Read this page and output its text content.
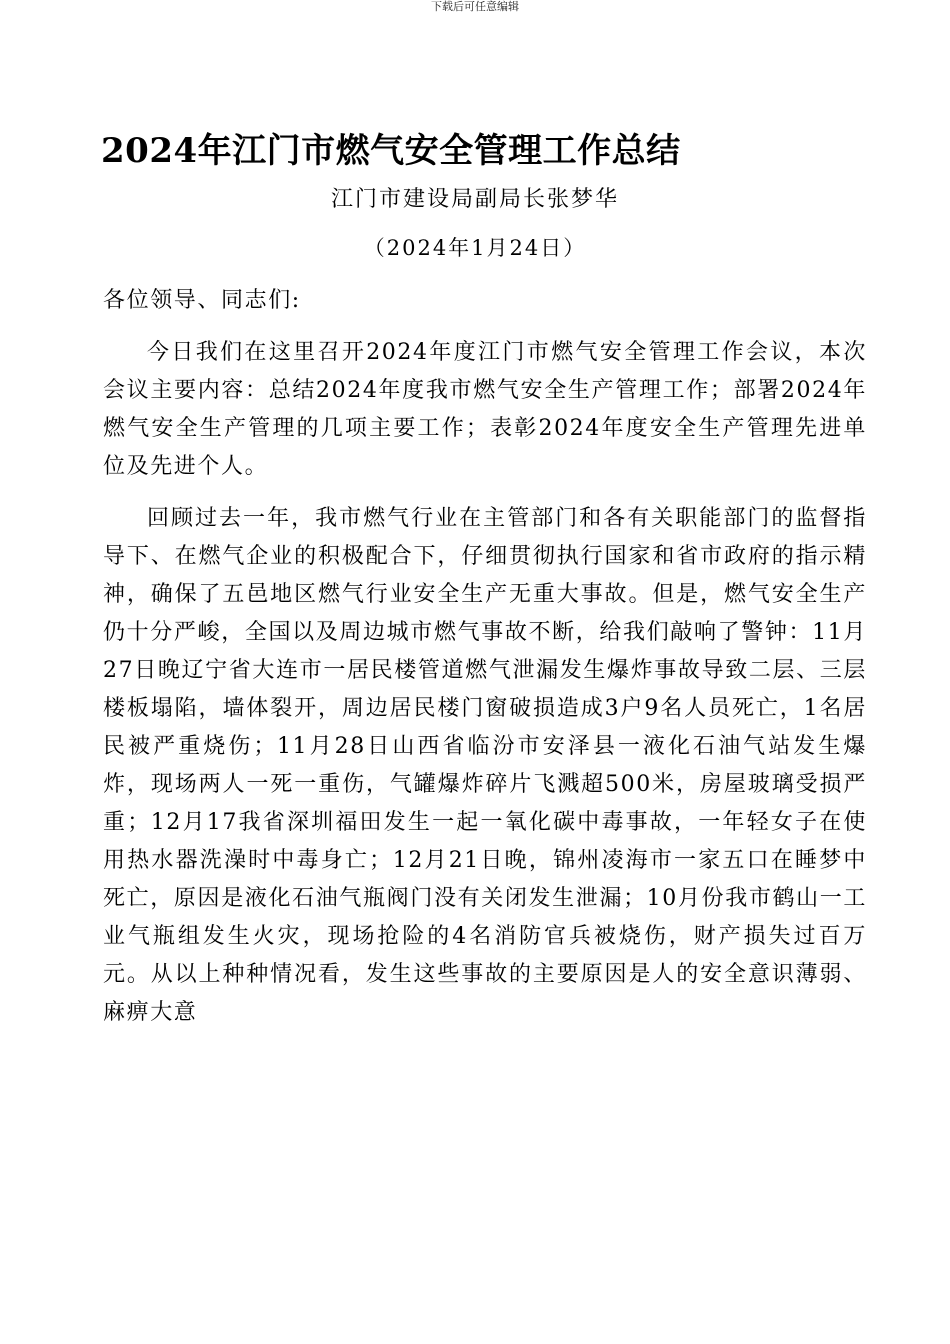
下载后可任意编辑
2024年江门市燃气安全管理工作总结
江门市建设局副局长张梦华
（2024年1月24日）

各位领导、同志们:

今日我们在这里召开2024年度江门市燃气安全管理工作会议，本次会议主要内容：总结2024年度我市燃气安全生产管理工作；部署2024年燃气安全生产管理的几项主要工作；表彰2024年度安全生产管理先进单位及先进个人。

回顾过去一年，我市燃气行业在主管部门和各有关职能部门的监督指导下、在燃气企业的积极配合下，仔细贯彻执行国家和省市政府的指示精神，确保了五邑地区燃气行业安全生产无重大事故。但是，燃气安全生产仍十分严峻，全国以及周边城市燃气事故不断，给我们敲响了警钟：11月27日晚辽宁省大连市一居民楼管道燃气泄漏发生爆炸事故导致二层、三层楼板塌陷，墙体裂开，周边居民楼门窗破损造成3户9名人员死亡，1名居民被严重烧伤；11月28日山西省临汾市安泽县一液化石油气站发生爆炸，现场两人一死一重伤，气罐爆炸碎片飞溅超500米，房屋玻璃受损严重；12月17我省深圳福田发生一起一氧化碳中毒事故，一年轻女子在使用热水器洗澡时中毒身亡；12月21日晚，锦州凌海市一家五口在睡梦中死亡，原因是液化石油气瓶阀门没有关闭发生泄漏；10月份我市鹤山一工业气瓶组发生火灾，现场抢险的4名消防官兵被烧伤，财产损失过百万元。从以上种种情况看，发生这些事故的主要原因是人的安全意识薄弱、麻痹大意
